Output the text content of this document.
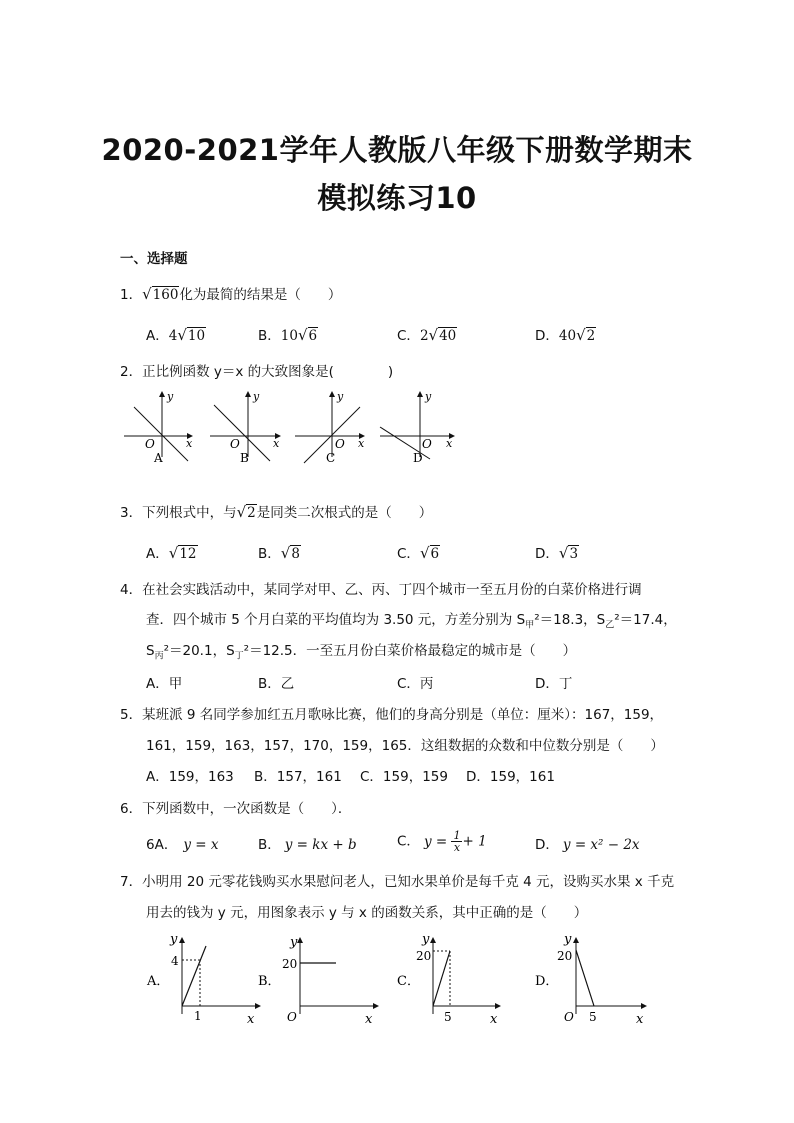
2020-2021学年人教版八年级下册数学期末
模拟练习10
一、选择题
1．√160化为最简的结果是（　　）
A．4√10	B．10√6	C．2√40	D．40√2
2．正比例函数 y＝x 的大致图象是(　　　　)
y
x
O
A
y
x
O
B
y
x
O
C
y
x
O
D
3．下列根式中，与√2是同类二次根式的是（　　）
A．√12	B．√8	C．√6	D．√3
4．在社会实践活动中，某同学对甲、乙、丙、丁四个城市一至五月份的白菜价格进行调
查．四个城市 5 个月白菜的平均值均为 3.50 元，方差分别为 $S_甲^2=18.3$，$S_乙^2=17.4$，
$S_丙^2=20.1$，$S_丁^2=12.5$．一至五月份白菜价格最稳定的城市是（　　）
A．甲	B．乙	C．丙	D．丁
5．某班派 9 名同学参加红五月歌咏比赛，他们的身高分别是（单位：厘米）：167，159，
161，159，163，157，170，159，165．这组数据的众数和中位数分别是（　　）
A．159，163 B．157，161 C．159，159 D．159，161
6．下列函数中，一次函数是（　　）．
6A． y = x	B． y = kx + b	C． $y = \frac{1}{x} + 1$	D． y = x² − 2x
7．小明用 20 元零花钱购买水果慰问老人，已知水果单价是每千克 4 元，设购买水果 x 千克
用去的钱为 y 元，用图象表示 y 与 x 的函数关系，其中正确的是（　　）
A．
y
x
4
1
B．
y
x
20
O
C．
y
x
20
5
D．
y
x
20
5
O
